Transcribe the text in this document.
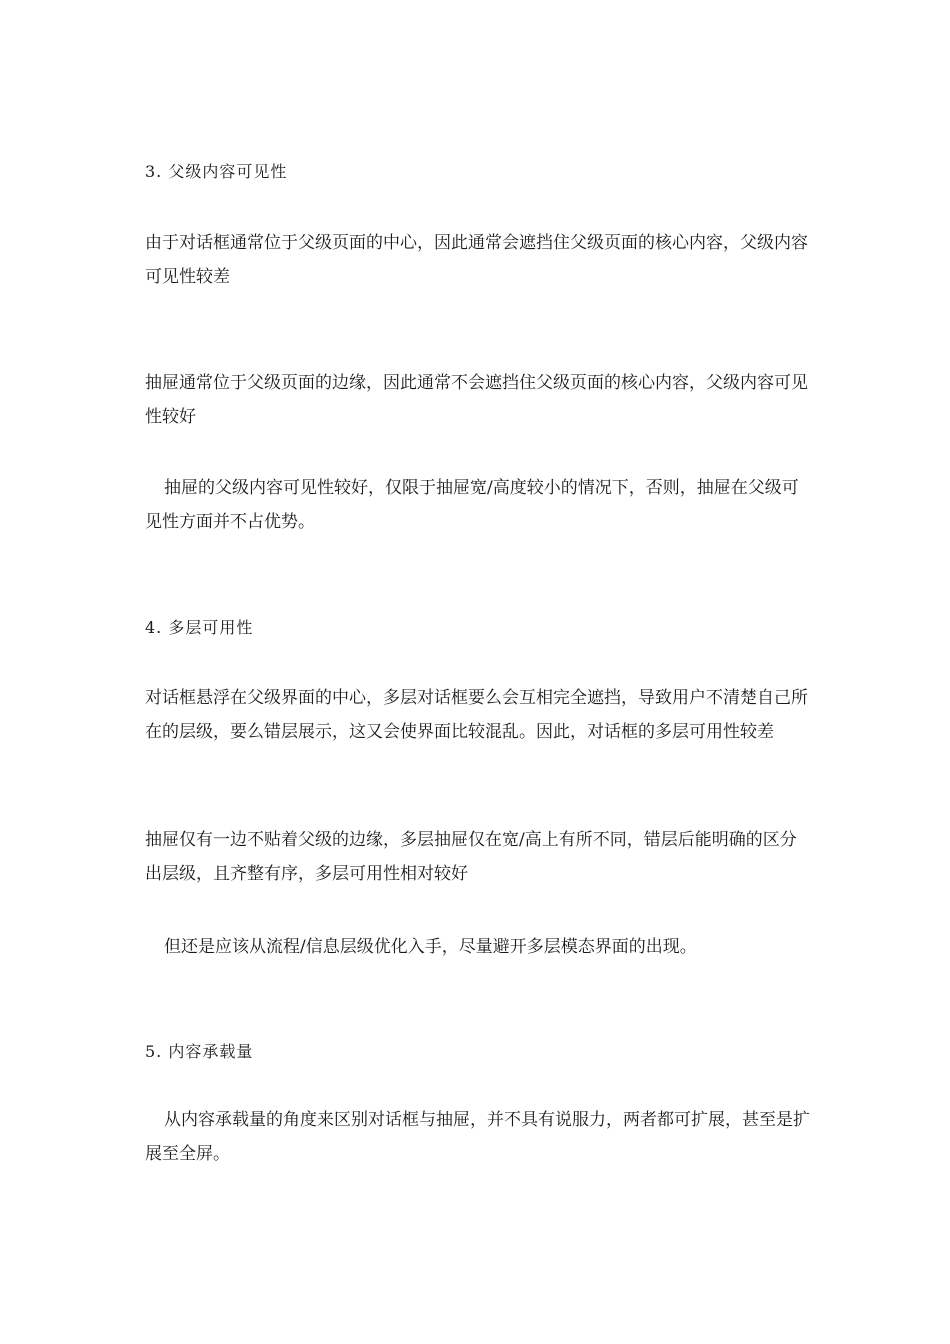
3. 父级内容可见性
由于对话框通常位于父级页面的中心，因此通常会遮挡住父级页面的核心内容，父级内容可见性较差
抽屉通常位于父级页面的边缘，因此通常不会遮挡住父级页面的核心内容，父级内容可见性较好
抽屉的父级内容可见性较好，仅限于抽屉宽/高度较小的情况下，否则，抽屉在父级可见性方面并不占优势。
4. 多层可用性
对话框悬浮在父级界面的中心，多层对话框要么会互相完全遮挡，导致用户不清楚自己所在的层级，要么错层展示，这又会使界面比较混乱。因此，对话框的多层可用性较差
抽屉仅有一边不贴着父级的边缘，多层抽屉仅在宽/高上有所不同，错层后能明确的区分出层级，且齐整有序，多层可用性相对较好
但还是应该从流程/信息层级优化入手，尽量避开多层模态界面的出现。
5. 内容承载量
从内容承载量的角度来区别对话框与抽屉，并不具有说服力，两者都可扩展，甚至是扩展至全屏。
